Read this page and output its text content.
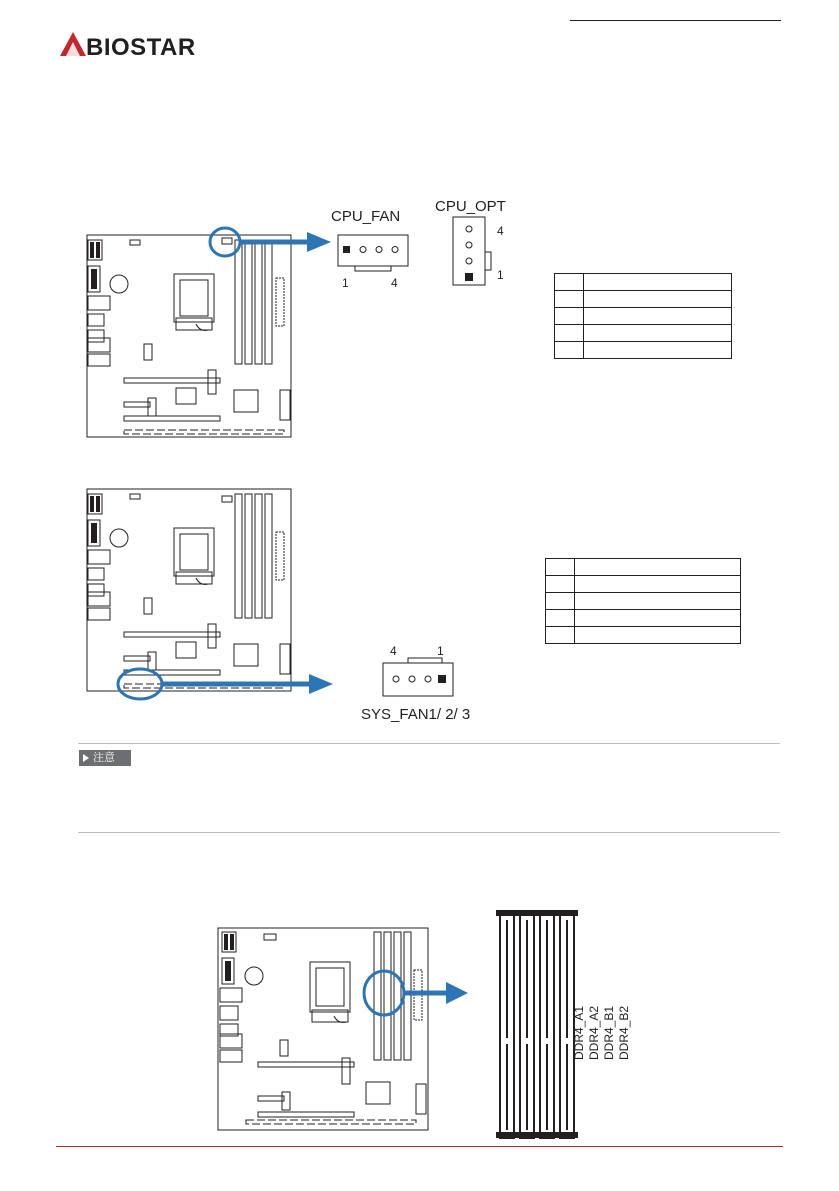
BIOSTAR
CPU_FAN
1	4
CPU_OPT
4
1

4	1
SYS_FAN1/ 2/ 3

注意
DDR4_A1 DDR4_A2 DDR4_B1 DDR4_B2
